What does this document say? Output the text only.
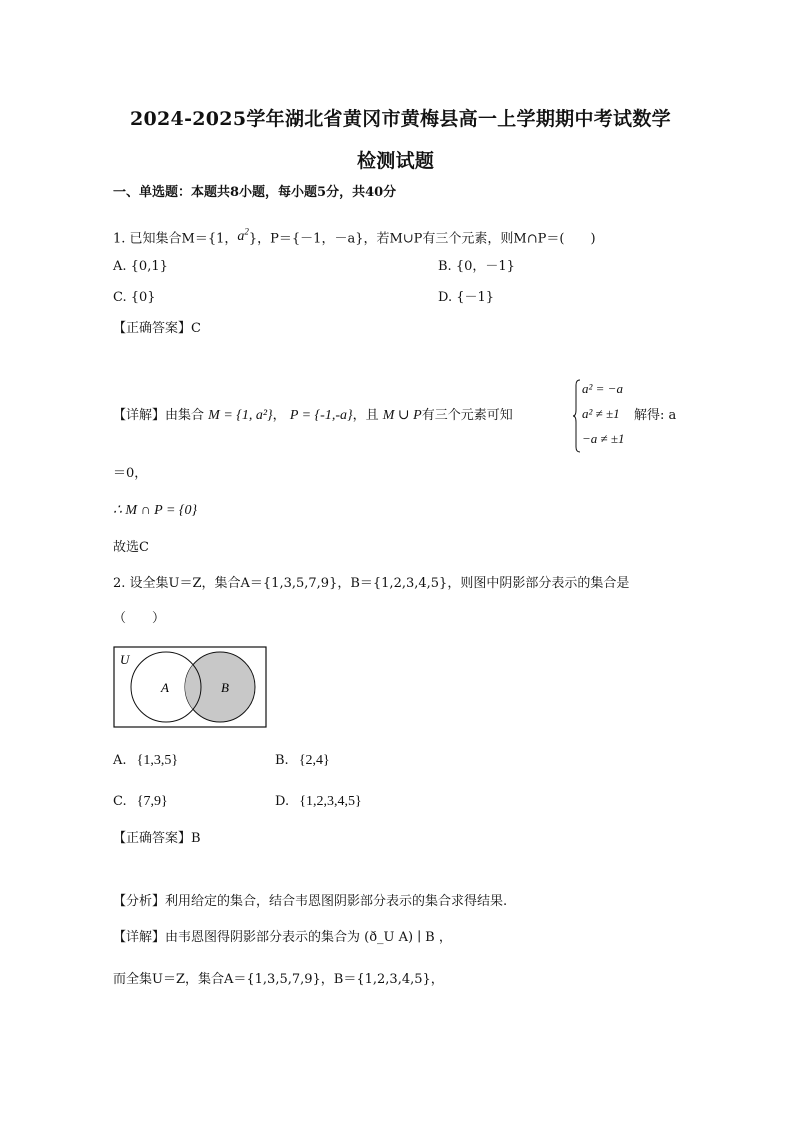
2024-2025学年湖北省黄冈市黄梅县高一上学期期中考试数学
检测试题
一、单选题：本题共8小题，每小题5分，共40分
1. 已知集合M＝{1，$a^2$}，P＝{－1，－a}，若M∪P有三个元素，则M∩P＝(　　)
A. {0,1}	B. {0，－1}
C. {0}	D. {－1}
【正确答案】C
【详解】由集合 M = {1, a²}， P = {-1,-a}，且 M ∪ P有三个元素可知
a² = −a
a² ≠ ±1
−a ≠ ±1
解得: a
＝0，
∴ M ∩ P = {0}
故选C
2. 设全集U＝Z，集合A＝{1,3,5,7,9}，B＝{1,2,3,4,5}，则图中阴影部分表示的集合是
（　　）
U
A	B
A. {1,3,5}	B. {2,4}
C. {7,9}	D. {1,2,3,4,5}
【正确答案】B
【分析】利用给定的集合，结合韦恩图阴影部分表示的集合求得结果.
【详解】由韦恩图得阴影部分表示的集合为 (ð_U A) ∣ B ，
而全集U＝Z，集合A＝{1,3,5,7,9}，B＝{1,2,3,4,5}，
